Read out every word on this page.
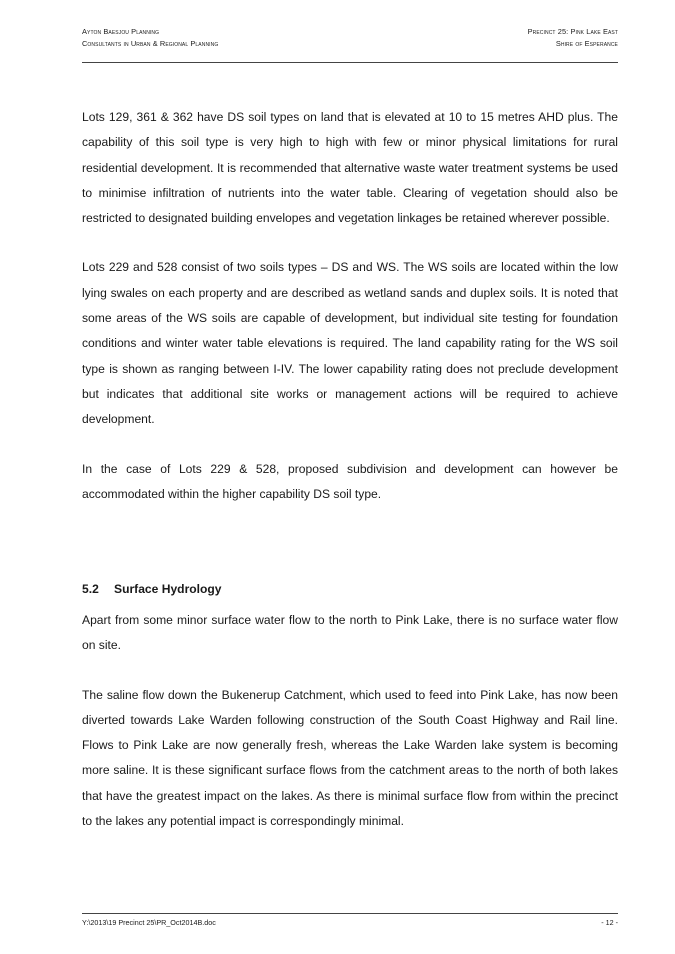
Ayton Baesjou Planning
Consultants in Urban & Regional Planning
Precinct 25: Pink Lake East
Shire of Esperance

Lots 129, 361 & 362 have DS soil types on land that is elevated at 10 to 15 metres AHD plus. The capability of this soil type is very high to high with few or minor physical limitations for rural residential development. It is recommended that alternative waste water treatment systems be used to minimise infiltration of nutrients into the water table. Clearing of vegetation should also be restricted to designated building envelopes and vegetation linkages be retained wherever possible.

Lots 229 and 528 consist of two soils types – DS and WS. The WS soils are located within the low lying swales on each property and are described as wetland sands and duplex soils. It is noted that some areas of the WS soils are capable of development, but individual site testing for foundation conditions and winter water table elevations is required. The land capability rating for the WS soil type is shown as ranging between I-IV. The lower capability rating does not preclude development but indicates that additional site works or management actions will be required to achieve development.

In the case of Lots 229 & 528, proposed subdivision and development can however be accommodated within the higher capability DS soil type.

5.2 Surface Hydrology

Apart from some minor surface water flow to the north to Pink Lake, there is no surface water flow on site.

The saline flow down the Bukenerup Catchment, which used to feed into Pink Lake, has now been diverted towards Lake Warden following construction of the South Coast Highway and Rail line. Flows to Pink Lake are now generally fresh, whereas the Lake Warden lake system is becoming more saline. It is these significant surface flows from the catchment areas to the north of both lakes that have the greatest impact on the lakes. As there is minimal surface flow from within the precinct to the lakes any potential impact is correspondingly minimal.

Y:\2013\19 Precinct 25\PR_Oct2014B.doc	- 12 -
